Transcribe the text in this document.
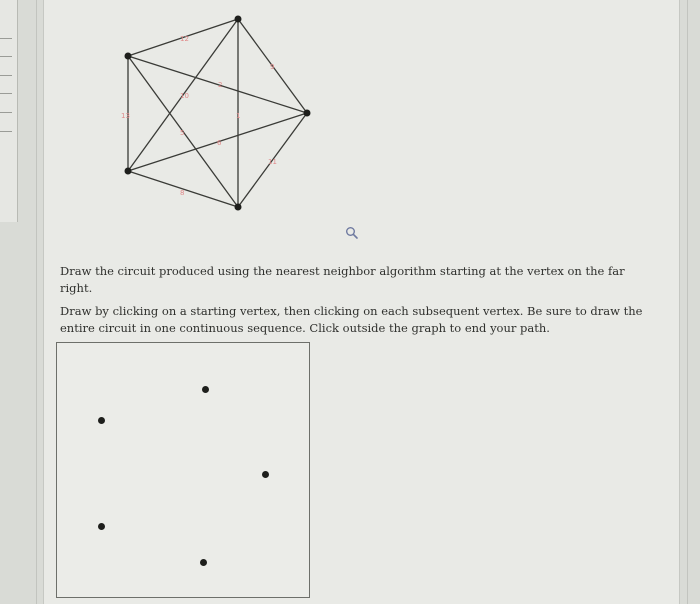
9
12
10
1
2
13
5
6
11
8
Draw the circuit produced using the nearest neighbor algorithm starting at the vertex on the far right.
Draw by clicking on a starting vertex, then clicking on each subsequent vertex. Be sure to draw the entire circuit in one continuous sequence. Click outside the graph to end your path.
